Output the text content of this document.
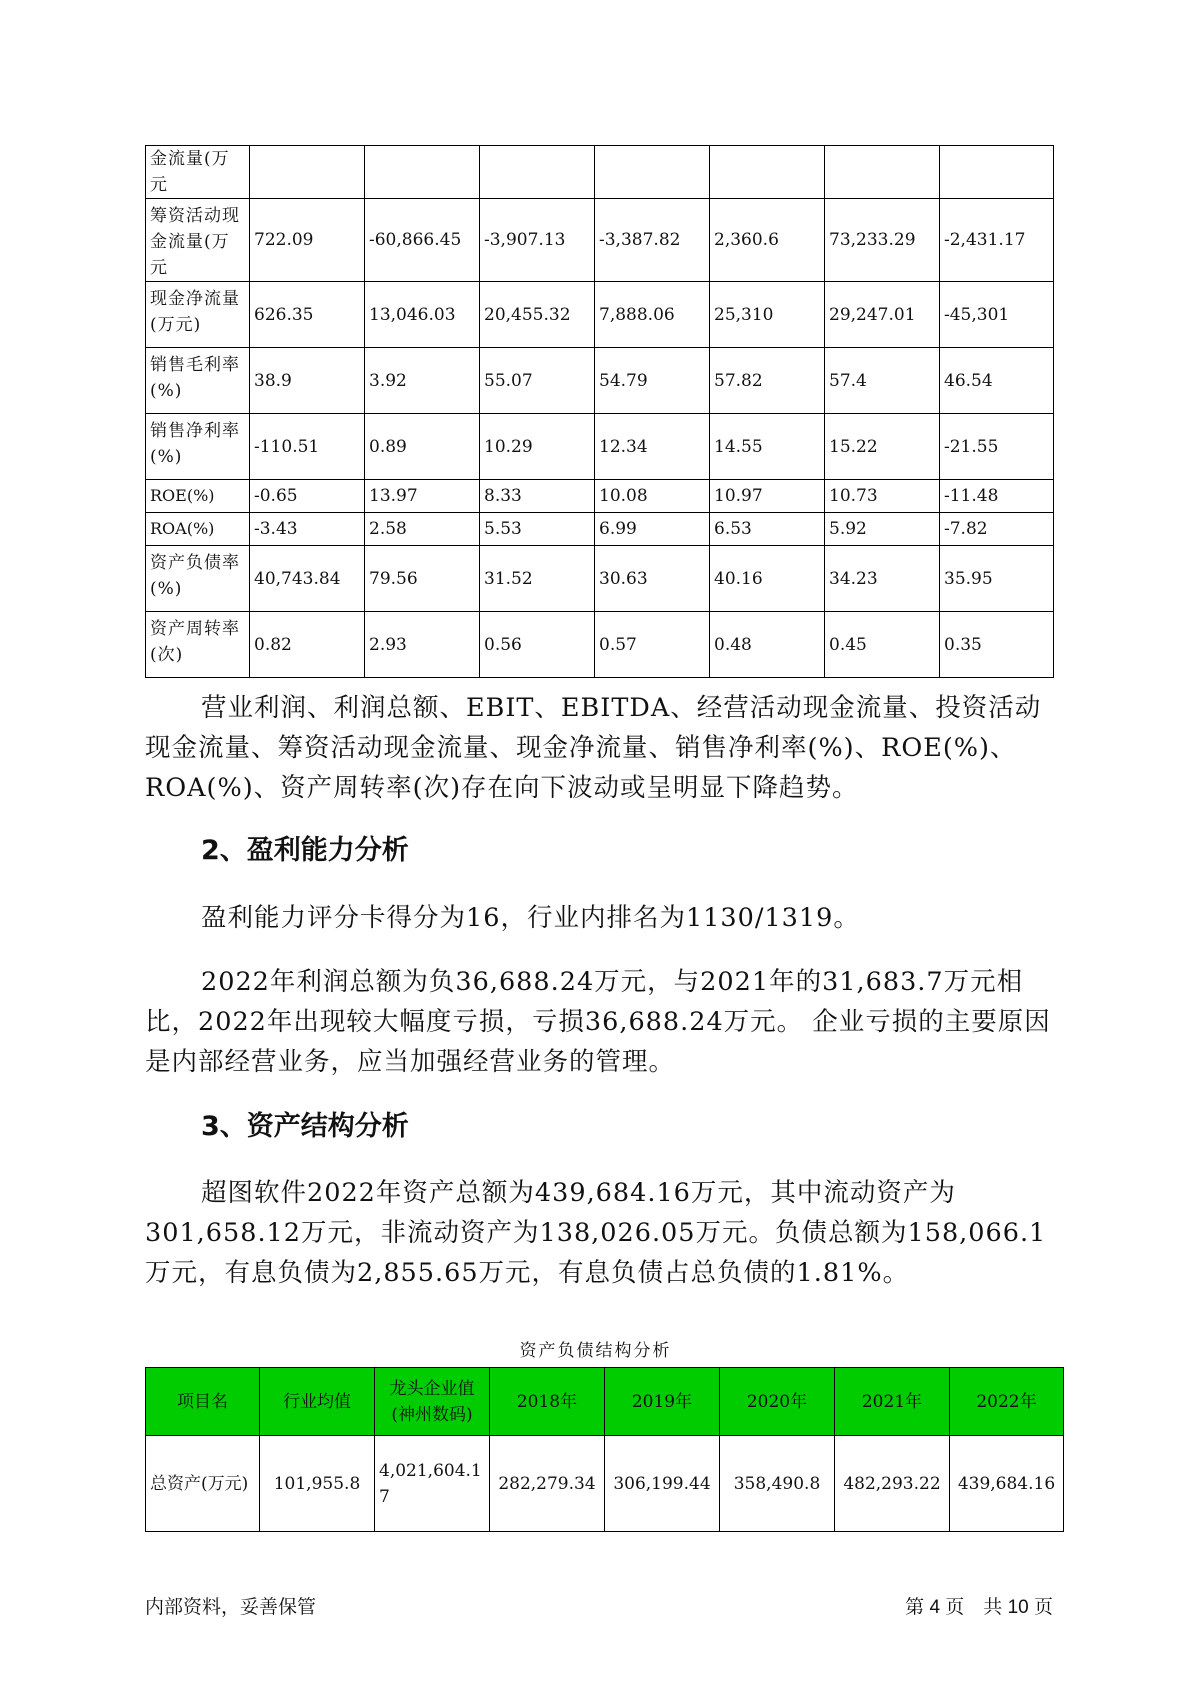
金流量(万元							
筹资活动现金流量(万元	722.09	-60,866.45	-3,907.13	-3,387.82	2,360.6	73,233.29	-2,431.17
现金净流量(万元)	626.35	13,046.03	20,455.32	7,888.06	25,310	29,247.01	-45,301
销售毛利率(%)	38.9	3.92	55.07	54.79	57.82	57.4	46.54
销售净利率(%)	-110.51	0.89	10.29	12.34	14.55	15.22	-21.55
ROE(%)	-0.65	13.97	8.33	10.08	10.97	10.73	-11.48
ROA(%)	-3.43	2.58	5.53	6.99	6.53	5.92	-7.82
资产负债率(%)	40,743.84	79.56	31.52	30.63	40.16	34.23	35.95
资产周转率(次)	0.82	2.93	0.56	0.57	0.48	0.45	0.35

营业利润、利润总额、EBIT、EBITDA、经营活动现金流量、投资活动现金流量、筹资活动现金流量、现金净流量、销售净利率(%)、ROE(%)、ROA(%)、资产周转率(次)存在向下波动或呈明显下降趋势。

2、盈利能力分析

盈利能力评分卡得分为16，行业内排名为1130/1319。

2022年利润总额为负36,688.24万元，与2021年的31,683.7万元相比，2022年出现较大幅度亏损，亏损36,688.24万元。 企业亏损的主要原因是内部经营业务，应当加强经营业务的管理。

3、资产结构分析

超图软件2022年资产总额为439,684.16万元，其中流动资产为301,658.12万元，非流动资产为138,026.05万元。负债总额为158,066.1万元，有息负债为2,855.65万元，有息负债占总负债的1.81%。

资产负债结构分析
项目名	行业均值	龙头企业值(神州数码)	2018年	2019年	2020年	2021年	2022年
总资产(万元)	101,955.8	4,021,604.17	282,279.34	306,199.44	358,490.8	482,293.22	439,684.16
内部资料，妥善保管	第 4 页　共 10 页
